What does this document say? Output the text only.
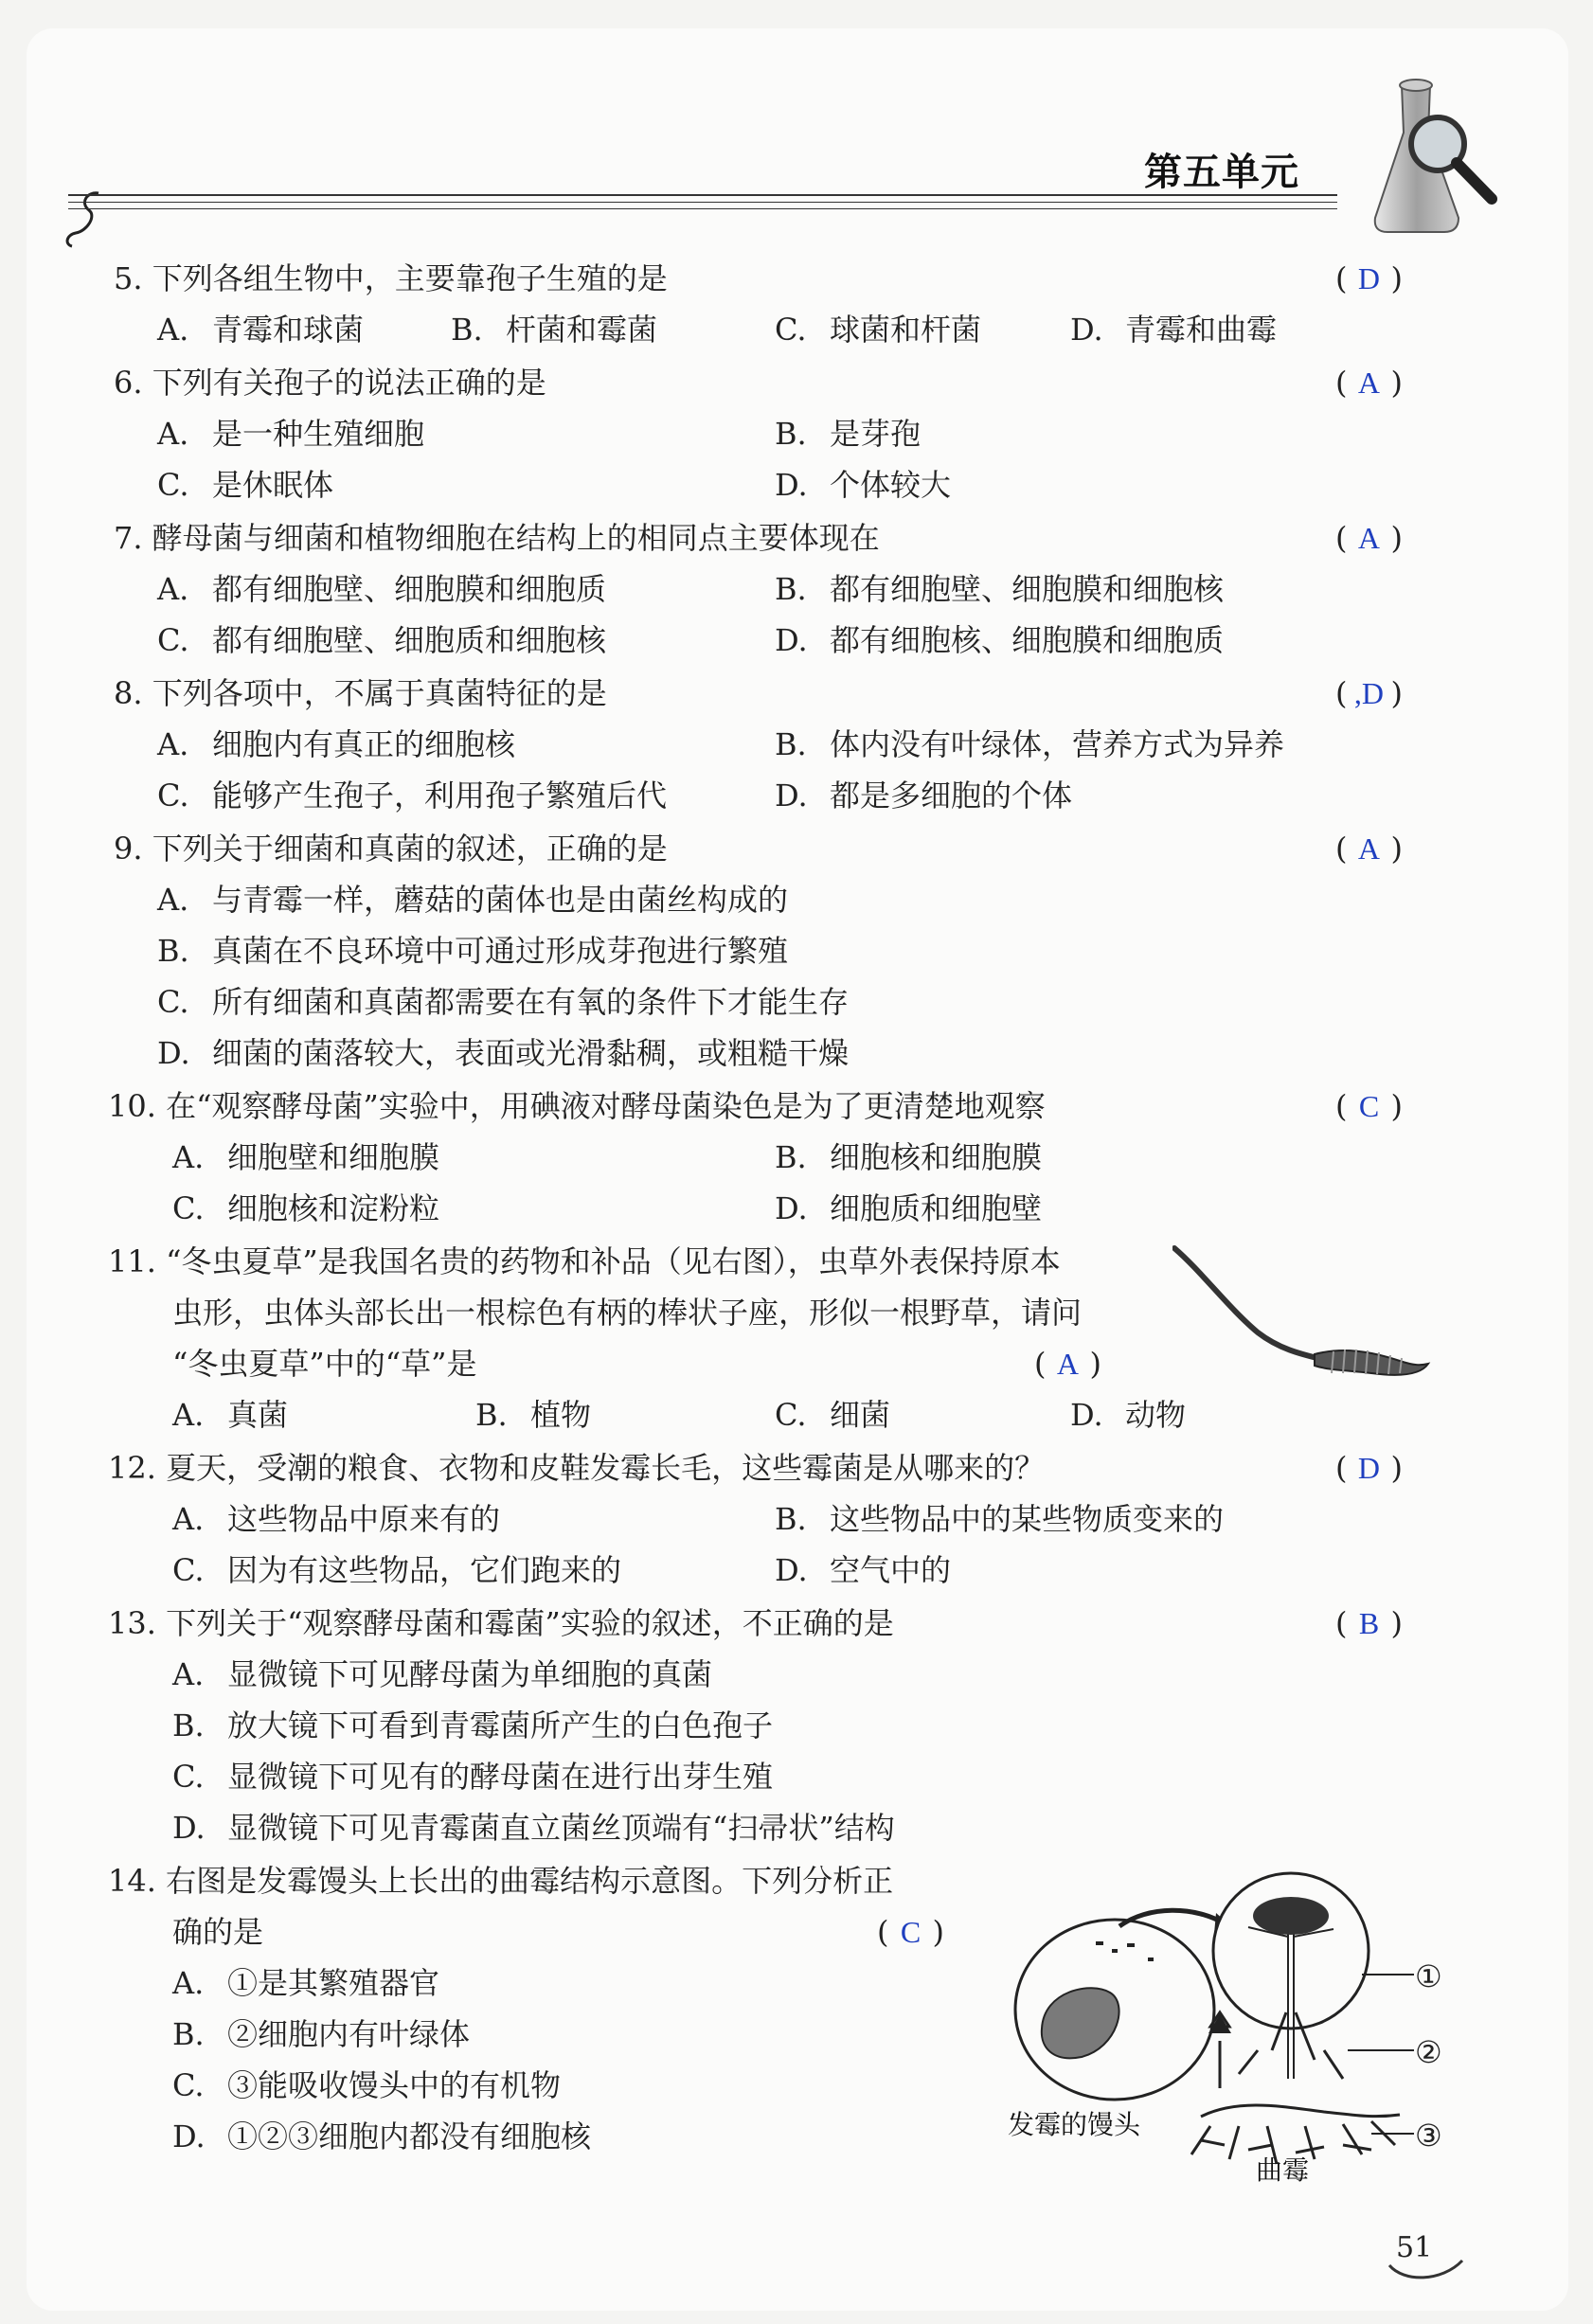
第五单元
5. 下列各组生物中，主要靠孢子生殖的是	( D )
A. 青霉和球菌	B. 杆菌和霉菌	C. 球菌和杆菌	D. 青霉和曲霉
6. 下列有关孢子的说法正确的是	( A )
A. 是一种生殖细胞	B. 是芽孢
C. 是休眠体	D. 个体较大
7. 酵母菌与细菌和植物细胞在结构上的相同点主要体现在	( A )
A. 都有细胞壁、细胞膜和细胞质	B. 都有细胞壁、细胞膜和细胞核
C. 都有细胞壁、细胞质和细胞核	D. 都有细胞核、细胞膜和细胞质
8. 下列各项中，不属于真菌特征的是	( ,D )
A. 细胞内有真正的细胞核	B. 体内没有叶绿体，营养方式为异养
C. 能够产生孢子，利用孢子繁殖后代	D. 都是多细胞的个体
9. 下列关于细菌和真菌的叙述，正确的是	( A )
A. 与青霉一样，蘑菇的菌体也是由菌丝构成的
B. 真菌在不良环境中可通过形成芽孢进行繁殖
C. 所有细菌和真菌都需要在有氧的条件下才能生存
D. 细菌的菌落较大，表面或光滑黏稠，或粗糙干燥
10. 在“观察酵母菌”实验中，用碘液对酵母菌染色是为了更清楚地观察	( C )
A. 细胞壁和细胞膜	B. 细胞核和细胞膜
C. 细胞核和淀粉粒	D. 细胞质和细胞壁
11. “冬虫夏草”是我国名贵的药物和补品（见右图），虫草外表保持原本
虫形，虫体头部长出一根棕色有柄的棒状子座，形似一根野草，请问
“冬虫夏草”中的“草”是	( A )
A. 真菌	B. 植物	C. 细菌	D. 动物
12. 夏天，受潮的粮食、衣物和皮鞋发霉长毛，这些霉菌是从哪来的？	( D )
A. 这些物品中原来有的	B. 这些物品中的某些物质变来的
C. 因为有这些物品，它们跑来的	D. 空气中的
13. 下列关于“观察酵母菌和霉菌”实验的叙述，不正确的是	( B )
A. 显微镜下可见酵母菌为单细胞的真菌
B. 放大镜下可看到青霉菌所产生的白色孢子
C. 显微镜下可见有的酵母菌在进行出芽生殖
D. 显微镜下可见青霉菌直立菌丝顶端有“扫帚状”结构
14. 右图是发霉馒头上长出的曲霉结构示意图。下列分析正
确的是	( C )
A. ①是其繁殖器官
B. ②细胞内有叶绿体
C. ③能吸收馒头中的有机物
D. ①②③细胞内都没有细胞核	发霉的馒头
①
②
③
曲霉
51
